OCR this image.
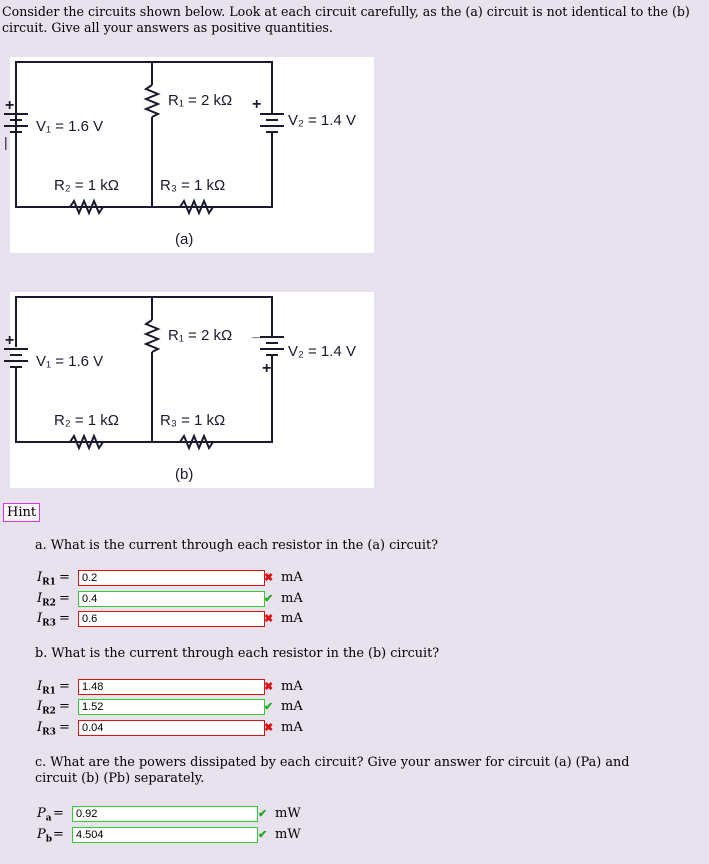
Consider the circuits shown below. Look at each circuit carefully, as the (a) circuit is not identical to the (b) circuit. Give all your answers as positive quantities.
+
|
+
R₁ = 2 kΩ
V₁ = 1.6 V	V₂ = 1.4 V
R₂ = 1 kΩ	R₃ = 1 kΩ
(a)
+
_
+
R₁ = 2 kΩ
V₁ = 1.6 V
V₂ = 1.4 V
R₂ = 1 kΩ	R₃ = 1 kΩ
(b)
Hint
a. What is the current through each resistor in the (a) circuit?
$I_{R1}$ =	0.2	✖ mA
$I_{R2}$ =	0.4	✔ mA
$I_{R3}$ =	0.6	✖ mA
b. What is the current through each resistor in the (b) circuit?
$I_{R1}$ =	1.48	✖ mA
$I_{R2}$ =	1.52	✔ mA
$I_{R3}$ =	0.04	✖ mA
c. What are the powers dissipated by each circuit? Give your answer for circuit (a) (Pa) and circuit (b) (Pb) separately.
$P_a$ =	0.92	✔ mW
$P_b$ =	4.504	✔ mW
